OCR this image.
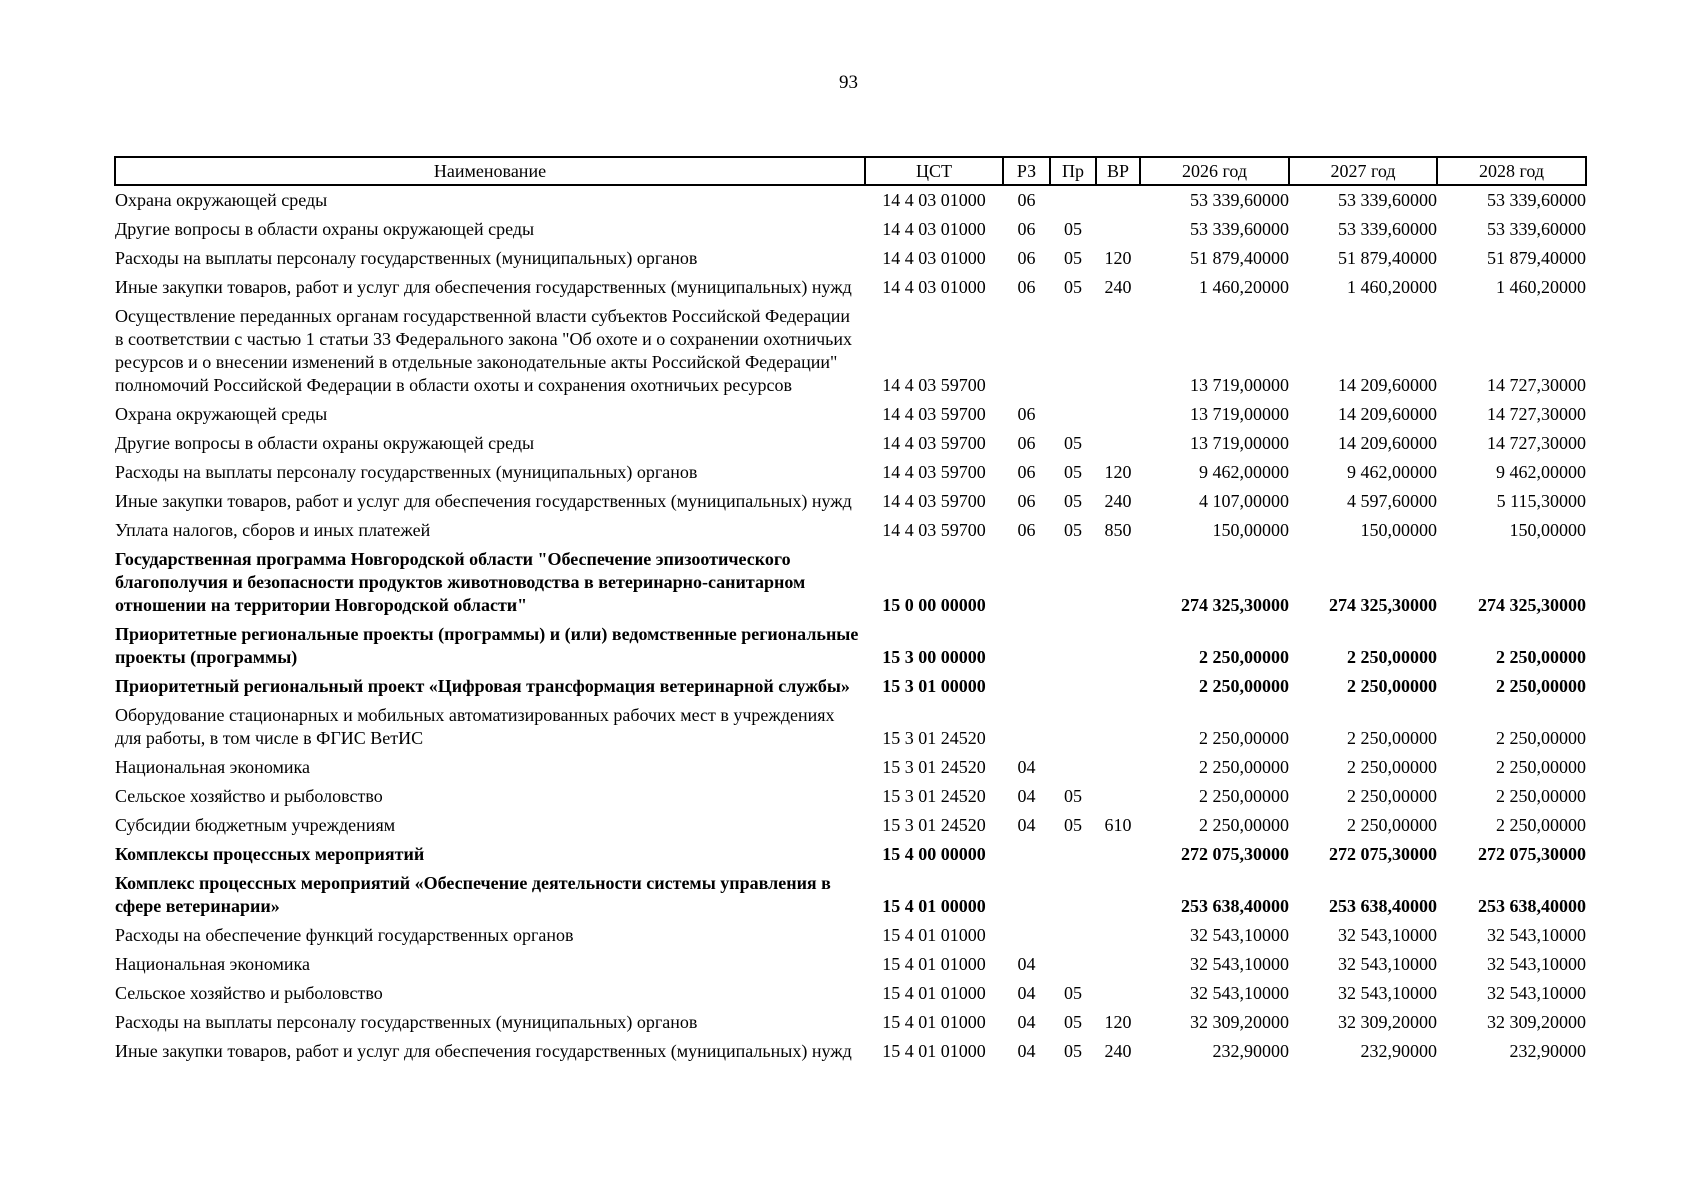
93
Наименование	ЦСТ	РЗ	Пр	ВР	2026 год	2027 год	2028 год
Охрана окружающей среды	14 4 03 01000	06			53 339,60000	53 339,60000	53 339,60000
Другие вопросы в области охраны окружающей среды	14 4 03 01000	06	05		53 339,60000	53 339,60000	53 339,60000
Расходы на выплаты персоналу государственных (муниципальных) органов	14 4 03 01000	06	05	120	51 879,40000	51 879,40000	51 879,40000
Иные закупки товаров, работ и услуг для обеспечения государственных (муниципальных) нужд	14 4 03 01000	06	05	240	1 460,20000	1 460,20000	1 460,20000
Осуществление переданных органам государственной власти субъектов Российской Федерации в соответствии с частью 1 статьи 33 Федерального закона "Об охоте и о сохранении охотничьих ресурсов и о внесении изменений в отдельные законодательные акты Российской Федерации" полномочий Российской Федерации в области охоты и сохранения охотничьих ресурсов	14 4 03 59700				13 719,00000	14 209,60000	14 727,30000
Охрана окружающей среды	14 4 03 59700	06			13 719,00000	14 209,60000	14 727,30000
Другие вопросы в области охраны окружающей среды	14 4 03 59700	06	05		13 719,00000	14 209,60000	14 727,30000
Расходы на выплаты персоналу государственных (муниципальных) органов	14 4 03 59700	06	05	120	9 462,00000	9 462,00000	9 462,00000
Иные закупки товаров, работ и услуг для обеспечения государственных (муниципальных) нужд	14 4 03 59700	06	05	240	4 107,00000	4 597,60000	5 115,30000
Уплата налогов, сборов и иных платежей	14 4 03 59700	06	05	850	150,00000	150,00000	150,00000
Государственная программа Новгородской области "Обеспечение эпизоотического благополучия и безопасности продуктов животноводства в ветеринарно-санитарном отношении на территории Новгородской области"	15 0 00 00000				274 325,30000	274 325,30000	274 325,30000
Приоритетные региональные проекты (программы) и (или) ведомственные региональные проекты (программы)	15 3 00 00000				2 250,00000	2 250,00000	2 250,00000
Приоритетный региональный проект «Цифровая трансформация ветеринарной службы»	15 3 01 00000				2 250,00000	2 250,00000	2 250,00000
Оборудование стационарных и мобильных автоматизированных рабочих мест в учреждениях для работы, в том числе в ФГИС ВетИС	15 3 01 24520				2 250,00000	2 250,00000	2 250,00000
Национальная экономика	15 3 01 24520	04			2 250,00000	2 250,00000	2 250,00000
Сельское хозяйство и рыболовство	15 3 01 24520	04	05		2 250,00000	2 250,00000	2 250,00000
Субсидии бюджетным учреждениям	15 3 01 24520	04	05	610	2 250,00000	2 250,00000	2 250,00000
Комплексы процессных мероприятий	15 4 00 00000				272 075,30000	272 075,30000	272 075,30000
Комплекс процессных мероприятий «Обеспечение деятельности системы управления в сфере ветеринарии»	15 4 01 00000				253 638,40000	253 638,40000	253 638,40000
Расходы на обеспечение функций государственных органов	15 4 01 01000				32 543,10000	32 543,10000	32 543,10000
Национальная экономика	15 4 01 01000	04			32 543,10000	32 543,10000	32 543,10000
Сельское хозяйство и рыболовство	15 4 01 01000	04	05		32 543,10000	32 543,10000	32 543,10000
Расходы на выплаты персоналу государственных (муниципальных) органов	15 4 01 01000	04	05	120	32 309,20000	32 309,20000	32 309,20000
Иные закупки товаров, работ и услуг для обеспечения государственных (муниципальных) нужд	15 4 01 01000	04	05	240	232,90000	232,90000	232,90000
